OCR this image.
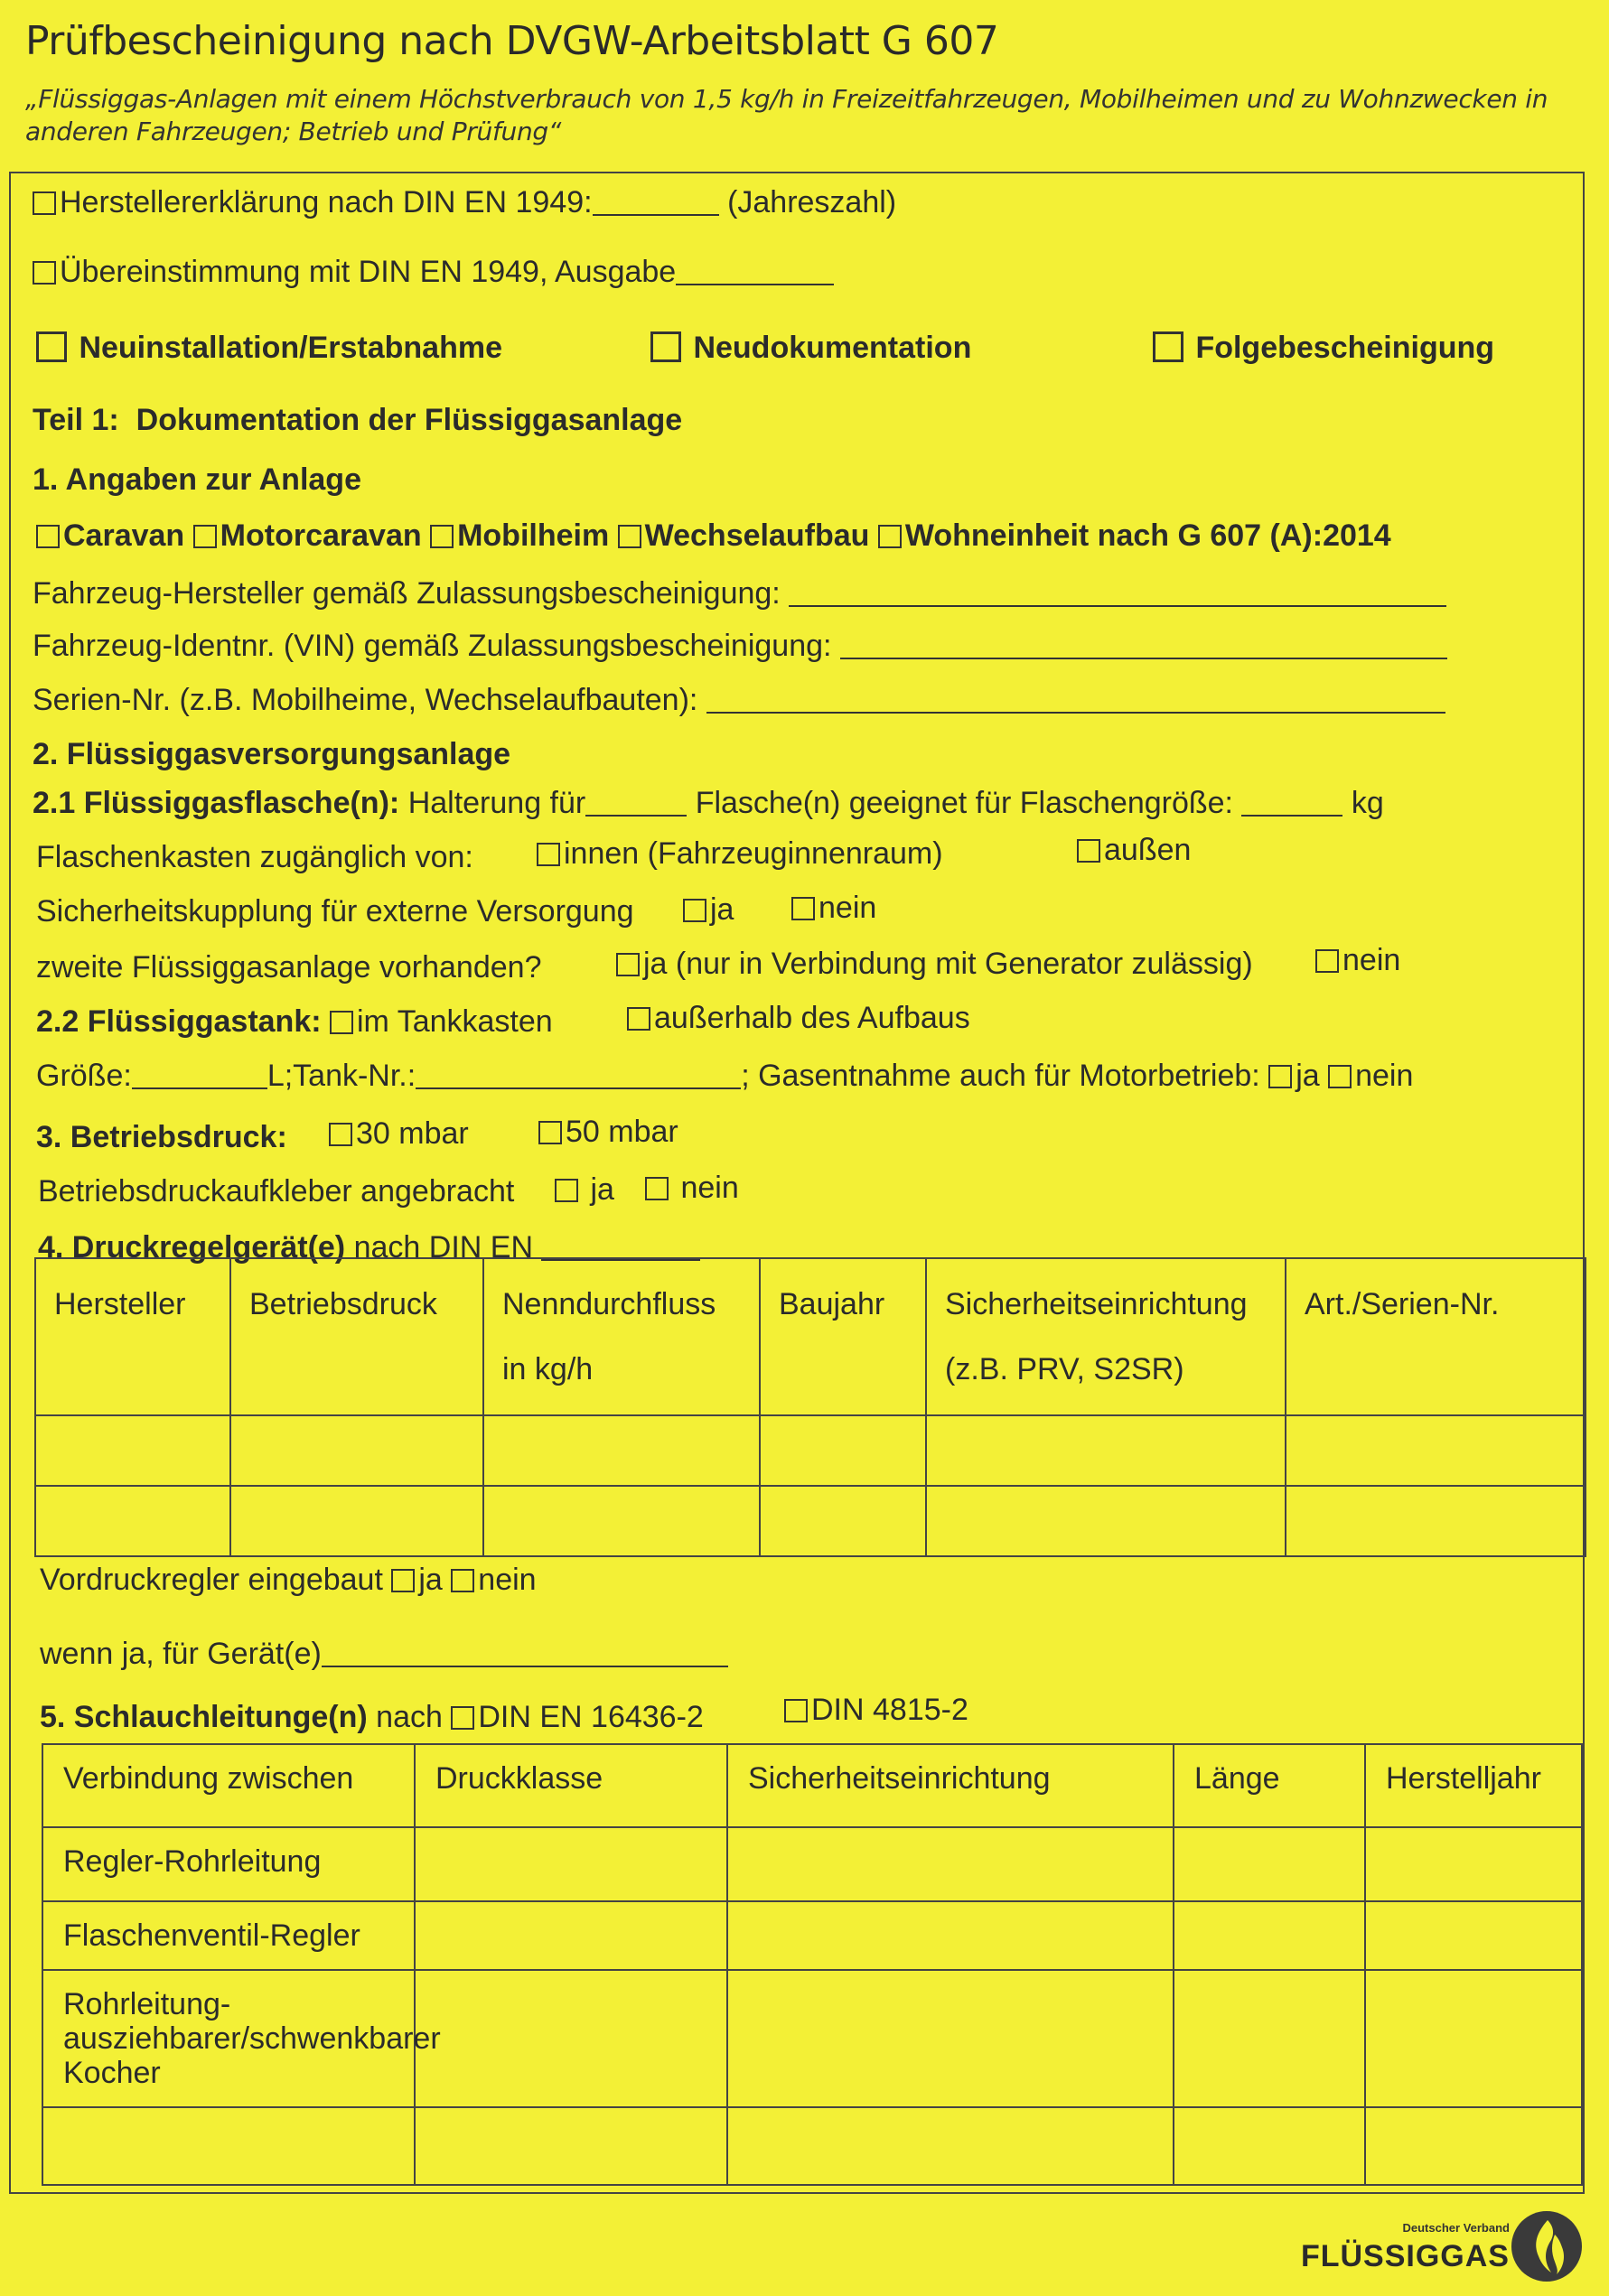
Prüfbescheinigung nach DVGW-Arbeitsblatt G 607
„Flüssiggas-Anlagen mit einem Höchstverbrauch von 1,5 kg/h in Freizeitfahrzeugen, Mobilheimen und zu Wohnzwecken in anderen Fahrzeugen; Betrieb und Prüfung“
Herstellererklärung nach DIN EN 1949:	(Jahreszahl)
Übereinstimmung mit DIN EN 1949, Ausgabe
Neuinstallation/Erstabnahme	Neudokumentation	Folgebescheinigung
Teil 1: Dokumentation der Flüssiggasanlage
1. Angaben zur Anlage
Caravan Motorcaravan Mobilheim Wechselaufbau Wohneinheit nach G 607 (A):2014
Fahrzeug-Hersteller gemäß Zulassungsbescheinigung:
Fahrzeug-Identnr. (VIN) gemäß Zulassungsbescheinigung:
Serien-Nr. (z.B. Mobilheime, Wechselaufbauten):
2. Flüssiggasversorgungsanlage
2.1 Flüssiggasflasche(n): Halterung für	Flasche(n) geeignet für Flaschengröße:	kg
Flaschenkasten zugänglich von:	innen (Fahrzeuginnenraum)	außen
Sicherheitskupplung für externe Versorgung	ja	nein
zweite Flüssiggasanlage vorhanden?	ja (nur in Verbindung mit Generator zulässig)	nein
2.2 Flüssiggastank: im Tankkasten	außerhalb des Aufbaus
Größe:	L;Tank-Nr.:	; Gasentnahme auch für Motorbetrieb: ja nein
3. Betriebsdruck:	30 mbar	50 mbar
Betriebsdruckaufkleber angebracht	ja	nein
4. Druckregelgerät(e) nach DIN EN
Hersteller	Betriebsdruck	Nenndurchfluss in kg/h	Baujahr	Sicherheitseinrichtung (z.B. PRV, S2SR)	Art./Serien-Nr.

Vordruckregler eingebaut ja nein
wenn ja, für Gerät(e)
5. Schlauchleitunge(n) nach DIN EN 16436-2	DIN 4815-2
Verbindung zwischen	Druckklasse	Sicherheitseinrichtung	Länge	Herstelljahr
Regler-Rohrleitung				
Flaschenventil-Regler				
Rohrleitung-ausziehbarer/schwenkbarer Kocher				

Deutscher Verband
FLÜSSIGGAS
